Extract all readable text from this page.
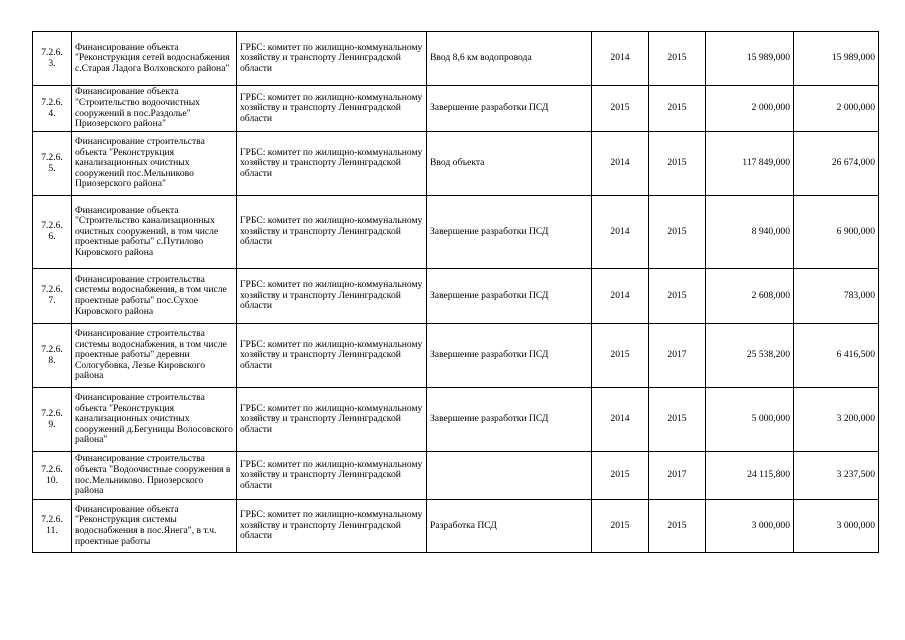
7.2.6.
3.	Финансирование объекта "Реконструкция сетей водоснабжения с.Старая Ладога Волховского района"	ГРБС: комитет по жилищно-коммунальному хозяйству и транспорту Ленинградской области	Ввод 8,6 км водопровода	2014	2015	15 989,000	15 989,000
7.2.6.
4.	Финансирование объекта "Строительство водоочистных сооружений в пос.Раздолье" Приозерского района"	ГРБС: комитет по жилищно-коммунальному хозяйству и транспорту Ленинградской области	Завершение разработки ПСД	2015	2015	2 000,000	2 000,000
7.2.6.
5.	Финансирование строительства объекта "Реконструкция канализационных очистных сооружений пос.Мельниково Приозерского района"	ГРБС: комитет по жилищно-коммунальному хозяйству и транспорту Ленинградской области	Ввод объекта	2014	2015	117 849,000	26 674,000
7.2.6.
6.	Финансирование объекта "Строительство канализационных очистных сооружений, в том числе проектные работы" с.Путилово Кировского района	ГРБС: комитет по жилищно-коммунальному хозяйству и транспорту Ленинградской области	Завершение разработки ПСД	2014	2015	8 940,000	6 900,000
7.2.6.
7.	Финансирование строительства системы водоснабжения, в том числе проектные работы" пос.Сухое Кировского района	ГРБС: комитет по жилищно-коммунальному хозяйству и транспорту Ленинградской области	Завершение разработки ПСД	2014	2015	2 608,000	783,000
7.2.6.
8.	Финансирование строительства системы водоснабжения, в том числе проектные работы" деревни Сологубовка, Лезье Кировского района	ГРБС: комитет по жилищно-коммунальному хозяйству и транспорту Ленинградской области	Завершение разработки ПСД	2015	2017	25 538,200	6 416,500
7.2.6.
9.	Финансирование строительства объекта "Реконструкция канализационных очистных сооружений д.Бегуницы Волосовского района"	ГРБС: комитет по жилищно-коммунальному хозяйству и транспорту Ленинградской области	Завершение разработки ПСД	2014	2015	5 000,000	3 200,000
7.2.6.
10.	Финансирование строительства объекта "Водоочистные сооружения в пос.Мельниково. Приозерского района	ГРБС: комитет по жилищно-коммунальному хозяйству и транспорту Ленинградской области		2015	2017	24 115,800	3 237,500
7.2.6.
11.	Финансирование объекта "Реконструкция системы водоснабжения в пос.Янега", в т.ч. проектные работы	ГРБС: комитет по жилищно-коммунальному хозяйству и транспорту Ленинградской области	Разработка ПСД	2015	2015	3 000,000	3 000,000
